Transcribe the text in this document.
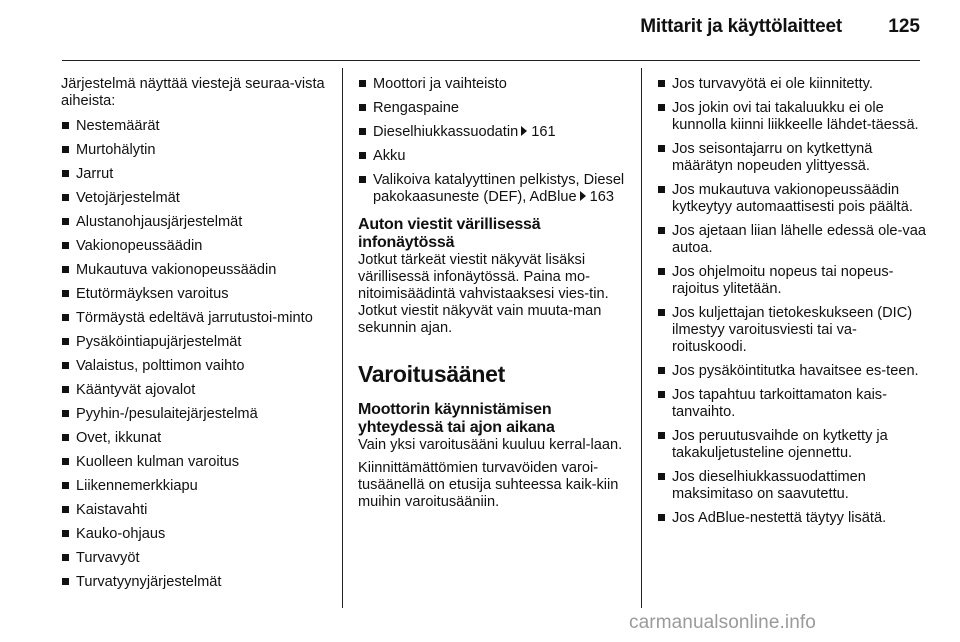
Mittarit ja käyttölaitteet 125

Järjestelmä näyttää viestejä seuraa-vista aiheista:

Nestemäärät
Murtohälytin
Jarrut
Vetojärjestelmät
Alustanohjausjärjestelmät
Vakionopeussäädin
Mukautuva vakionopeussäädin
Etutörmäyksen varoitus
Törmäystä edeltävä jarrutustoi-minto
Pysäköintiapujärjestelmät
Valaistus, polttimon vaihto
Kääntyvät ajovalot
Pyyhin-/pesulaitejärjestelmä
Ovet, ikkunat
Kuolleen kulman varoitus
Liikennemerkkiapu
Kaistavahti
Kauko-ohjaus
Turvavyöt
Turvatyynyjärjestelmät
Moottori ja vaihteisto
Rengaspaine
Dieselhiukkassuodatin 161
Akku
Valikoiva katalyyttinen pelkistys, Diesel pakokaasuneste (DEF), AdBlue 163
Auton viestit värillisessä infonäytössä

Jotkut tärkeät viestit näkyvät lisäksi värillisessä infonäytössä. Paina mo-nitoimisäädintä vahvistaaksesi vies-tin. Jotkut viestit näkyvät vain muuta-man sekunnin ajan.

Varoitusäänet
Moottorin käynnistämisen yhteydessä tai ajon aikana

Vain yksi varoitusääni kuuluu kerral-laan.

Kiinnittämättömien turvavöiden varoi-tusäänellä on etusija suhteessa kaik-kiin muihin varoitusääniin.

Jos turvavyötä ei ole kiinnitetty.
Jos jokin ovi tai takaluukku ei ole kunnolla kiinni liikkeelle lähdet-täessä.
Jos seisontajarru on kytkettynä määrätyn nopeuden ylittyessä.
Jos mukautuva vakionopeussäädin kytkeytyy automaattisesti pois päältä.
Jos ajetaan liian lähelle edessä ole-vaa autoa.
Jos ohjelmoitu nopeus tai nopeus-rajoitus ylitetään.
Jos kuljettajan tietokeskukseen (DIC) ilmestyy varoitusviesti tai va-roituskoodi.
Jos pysäköintitutka havaitsee es-teen.
Jos tapahtuu tarkoittamaton kais-tanvaihto.
Jos peruutusvaihde on kytketty ja takakuljetusteline ojennettu.
Jos dieselhiukkassuodattimen maksimitaso on saavutettu.
Jos AdBlue-nestettä täytyy lisätä.
carmanualsonline.info
